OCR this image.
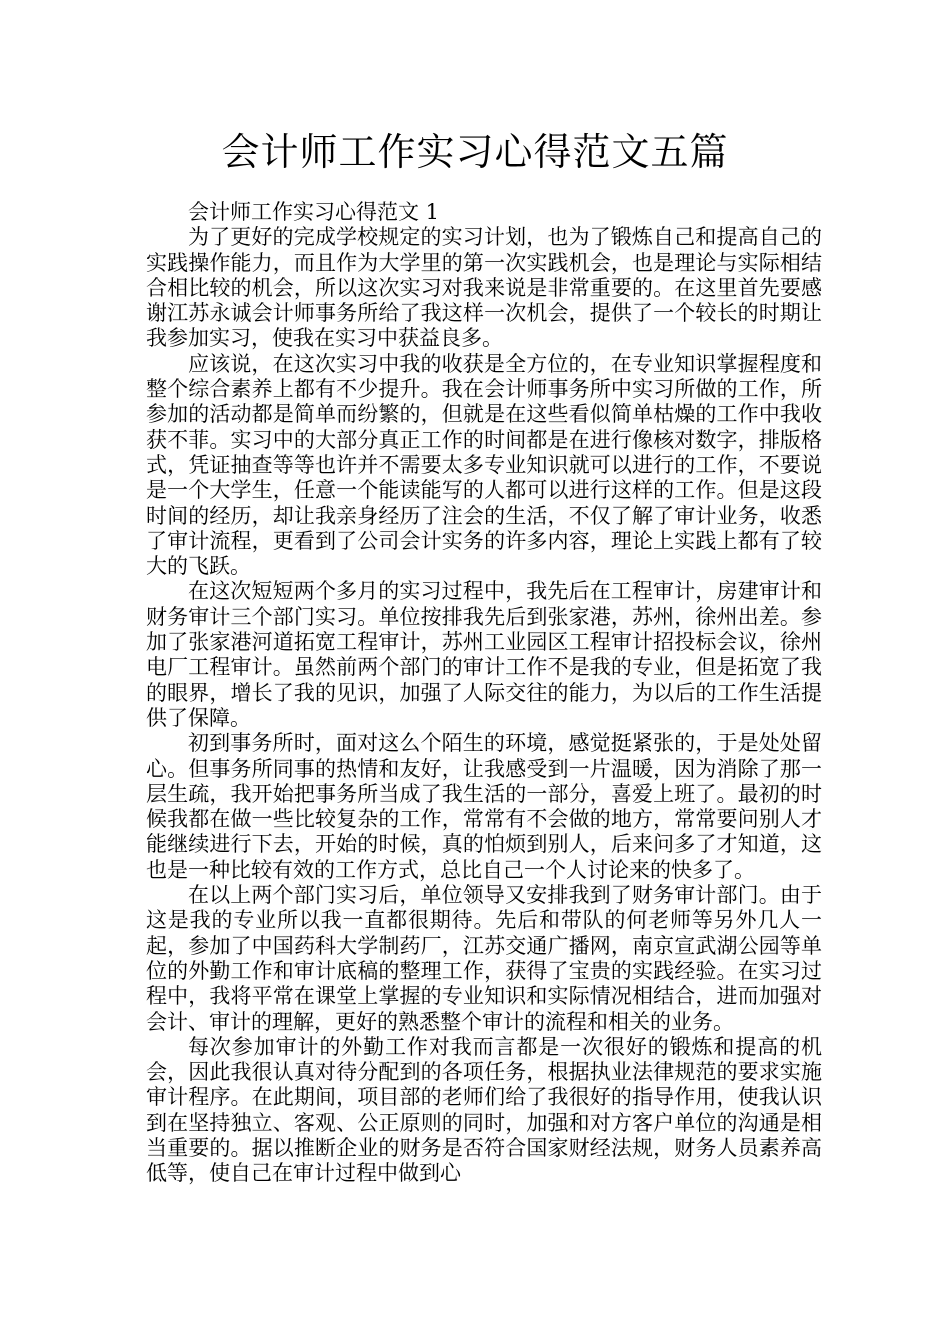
会计师工作实习心得范文五篇

会计师工作实习心得范文 1

为了更好的完成学校规定的实习计划，也为了锻炼自己和提高自己的实践操作能力，而且作为大学里的第一次实践机会，也是理论与实际相结合相比较的机会，所以这次实习对我来说是非常重要的。在这里首先要感谢江苏永诚会计师事务所给了我这样一次机会，提供了一个较长的时期让我参加实习，使我在实习中获益良多。

应该说，在这次实习中我的收获是全方位的，在专业知识掌握程度和整个综合素养上都有不少提升。我在会计师事务所中实习所做的工作，所参加的活动都是简单而纷繁的，但就是在这些看似简单枯燥的工作中我收获不菲。实习中的大部分真正工作的时间都是在进行像核对数字，排版格式，凭证抽查等等也许并不需要太多专业知识就可以进行的工作，不要说是一个大学生，任意一个能读能写的人都可以进行这样的工作。但是这段时间的经历，却让我亲身经历了注会的生活，不仅了解了审计业务，收悉了审计流程，更看到了公司会计实务的许多内容，理论上实践上都有了较大的飞跃。

在这次短短两个多月的实习过程中，我先后在工程审计，房建审计和财务审计三个部门实习。单位按排我先后到张家港，苏州，徐州出差。参加了张家港河道拓宽工程审计，苏州工业园区工程审计招投标会议，徐州电厂工程审计。虽然前两个部门的审计工作不是我的专业，但是拓宽了我的眼界，增长了我的见识，加强了人际交往的能力，为以后的工作生活提供了保障。

初到事务所时，面对这么个陌生的环境，感觉挺紧张的，于是处处留心。但事务所同事的热情和友好，让我感受到一片温暖，因为消除了那一层生疏，我开始把事务所当成了我生活的一部分，喜爱上班了。最初的时候我都在做一些比较复杂的工作，常常有不会做的地方，常常要问别人才能继续进行下去，开始的时候，真的怕烦到别人，后来问多了才知道，这也是一种比较有效的工作方式，总比自己一个人讨论来的快多了。

在以上两个部门实习后，单位领导又安排我到了财务审计部门。由于这是我的专业所以我一直都很期待。先后和带队的何老师等另外几人一起，参加了中国药科大学制药厂，江苏交通广播网，南京宣武湖公园等单位的外勤工作和审计底稿的整理工作，获得了宝贵的实践经验。在实习过程中，我将平常在课堂上掌握的专业知识和实际情况相结合，进而加强对会计、审计的理解，更好的熟悉整个审计的流程和相关的业务。

每次参加审计的外勤工作对我而言都是一次很好的锻炼和提高的机会，因此我很认真对待分配到的各项任务，根据执业法律规范的要求实施审计程序。在此期间，项目部的老师们给了我很好的指导作用，使我认识到在坚持独立、客观、公正原则的同时，加强和对方客户单位的沟通是相当重要的。据以推断企业的财务是否符合国家财经法规，财务人员素养高低等，使自己在审计过程中做到心
